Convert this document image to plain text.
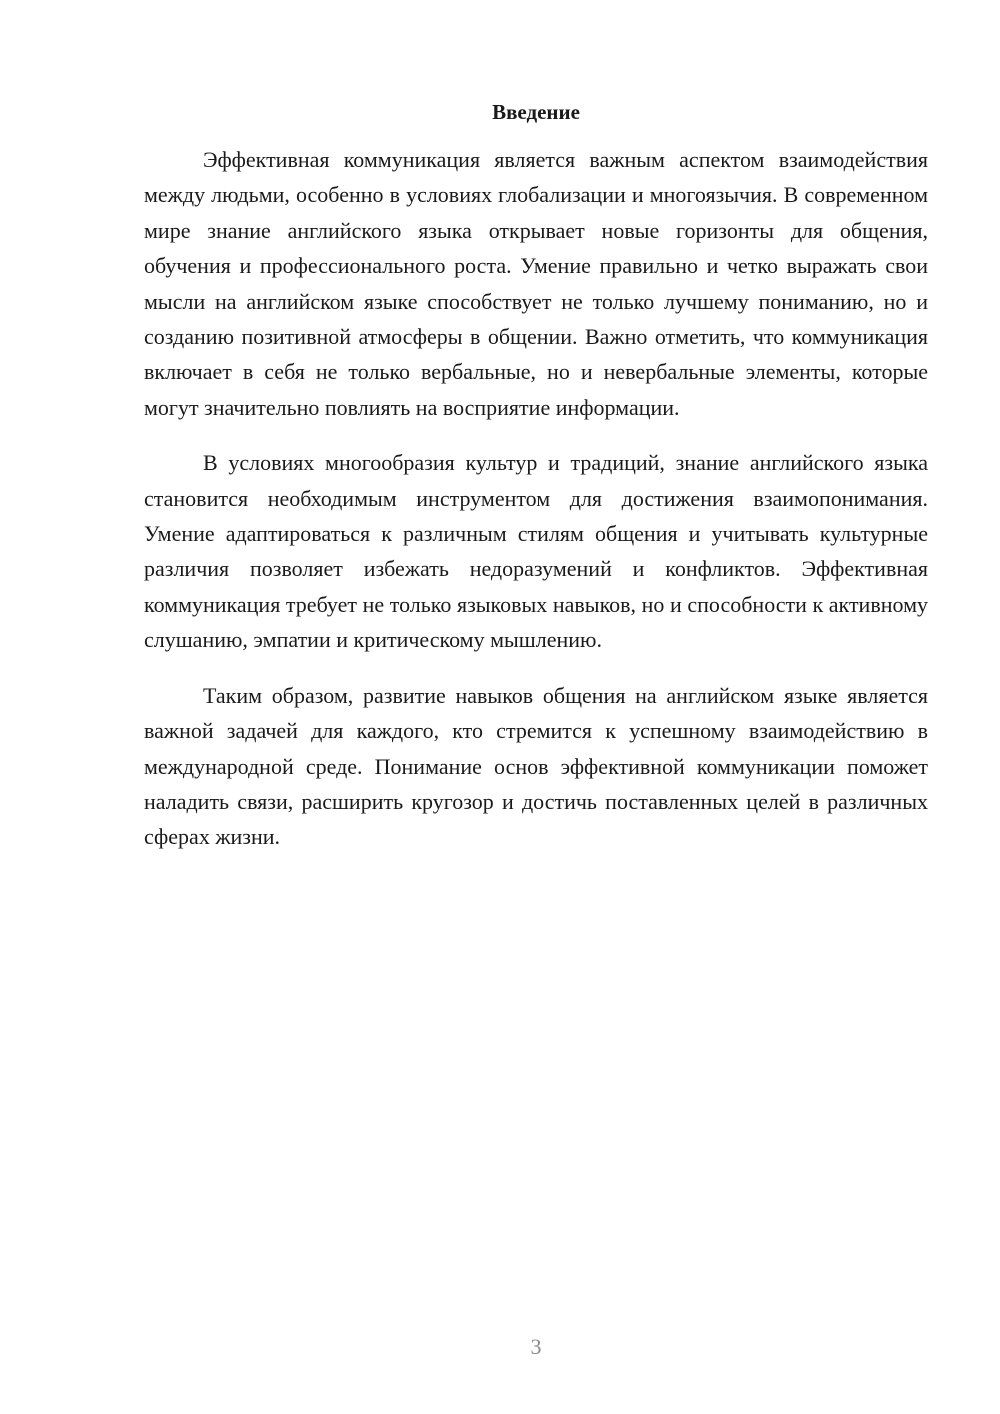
Введение

Эффективная коммуникация является важным аспектом взаимодействия между людьми, особенно в условиях глобализации и многоязычия. В современном мире знание английского языка открывает новые горизонты для общения, обучения и профессионального роста. Умение правильно и четко выражать свои мысли на английском языке способствует не только лучшему пониманию, но и созданию позитивной атмосферы в общении. Важно отметить, что коммуникация включает в себя не только вербальные, но и невербальные элементы, которые могут значительно повлиять на восприятие информации.

В условиях многообразия культур и традиций, знание английского языка становится необходимым инструментом для достижения взаимопонимания. Умение адаптироваться к различным стилям общения и учитывать культурные различия позволяет избежать недоразумений и конфликтов. Эффективная коммуникация требует не только языковых навыков, но и способности к активному слушанию, эмпатии и критическому мышлению.

Таким образом, развитие навыков общения на английском языке является важной задачей для каждого, кто стремится к успешному взаимодействию в международной среде. Понимание основ эффективной коммуникации поможет наладить связи, расширить кругозор и достичь поставленных целей в различных сферах жизни.

3
